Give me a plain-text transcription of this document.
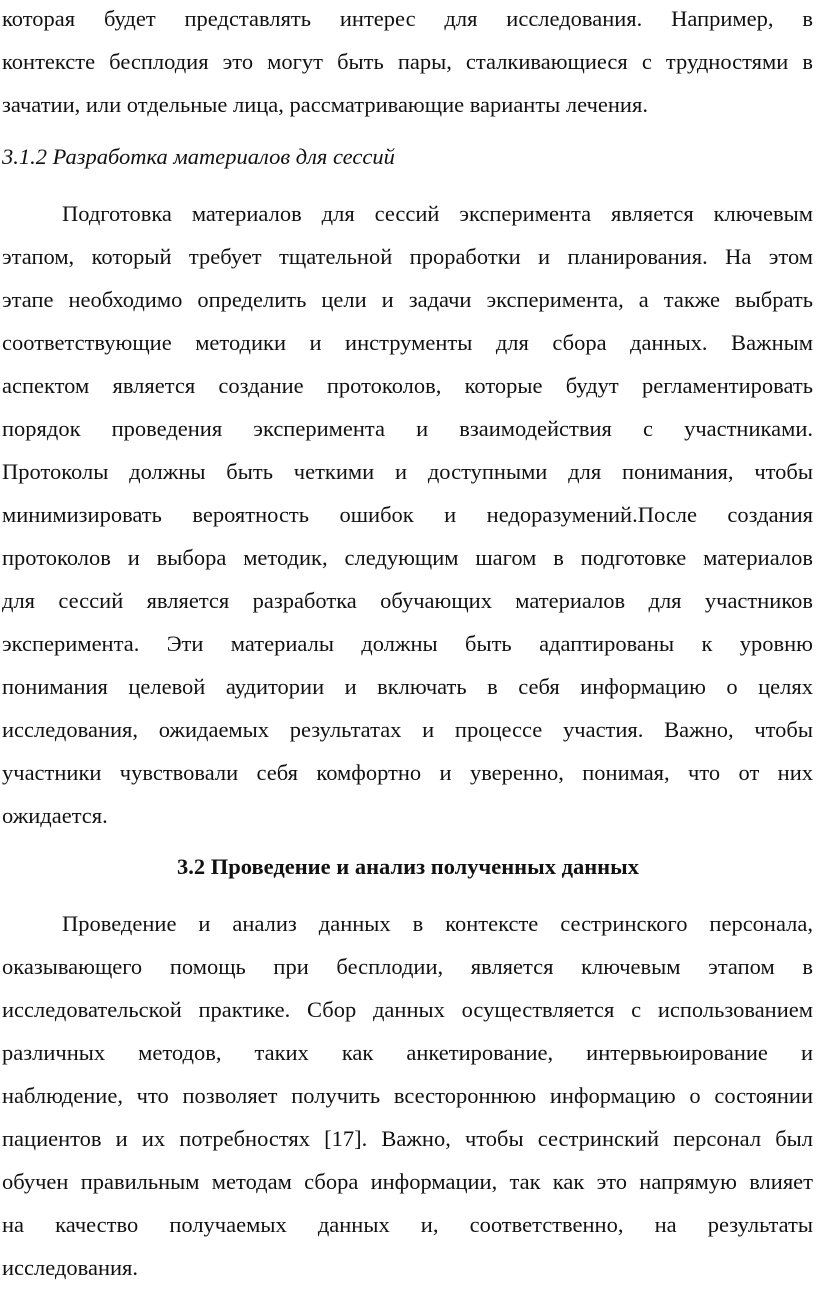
которая будет представлять интерес для исследования. Например, в
контексте бесплодия это могут быть пары, сталкивающиеся с трудностями в
зачатии, или отдельные лица, рассматривающие варианты лечения.
3.1.2 Разработка материалов для сессий
Подготовка материалов для сессий эксперимента является ключевым
этапом, который требует тщательной проработки и планирования. На этом
этапе необходимо определить цели и задачи эксперимента, а также выбрать
соответствующие методики и инструменты для сбора данных. Важным
аспектом является создание протоколов, которые будут регламентировать
порядок проведения эксперимента и взаимодействия с участниками.
Протоколы должны быть четкими и доступными для понимания, чтобы
минимизировать вероятность ошибок и недоразумений.После создания
протоколов и выбора методик, следующим шагом в подготовке материалов
для сессий является разработка обучающих материалов для участников
эксперимента. Эти материалы должны быть адаптированы к уровню
понимания целевой аудитории и включать в себя информацию о целях
исследования, ожидаемых результатах и процессе участия. Важно, чтобы
участники чувствовали себя комфортно и уверенно, понимая, что от них
ожидается.
3.2 Проведение и анализ полученных данных
Проведение и анализ данных в контексте сестринского персонала,
оказывающего помощь при бесплодии, является ключевым этапом в
исследовательской практике. Сбор данных осуществляется с использованием
различных методов, таких как анкетирование, интервьюирование и
наблюдение, что позволяет получить всестороннюю информацию о состоянии
пациентов и их потребностях [17]. Важно, чтобы сестринский персонал был
обучен правильным методам сбора информации, так как это напрямую влияет
на качество получаемых данных и, соответственно, на результаты
исследования.
